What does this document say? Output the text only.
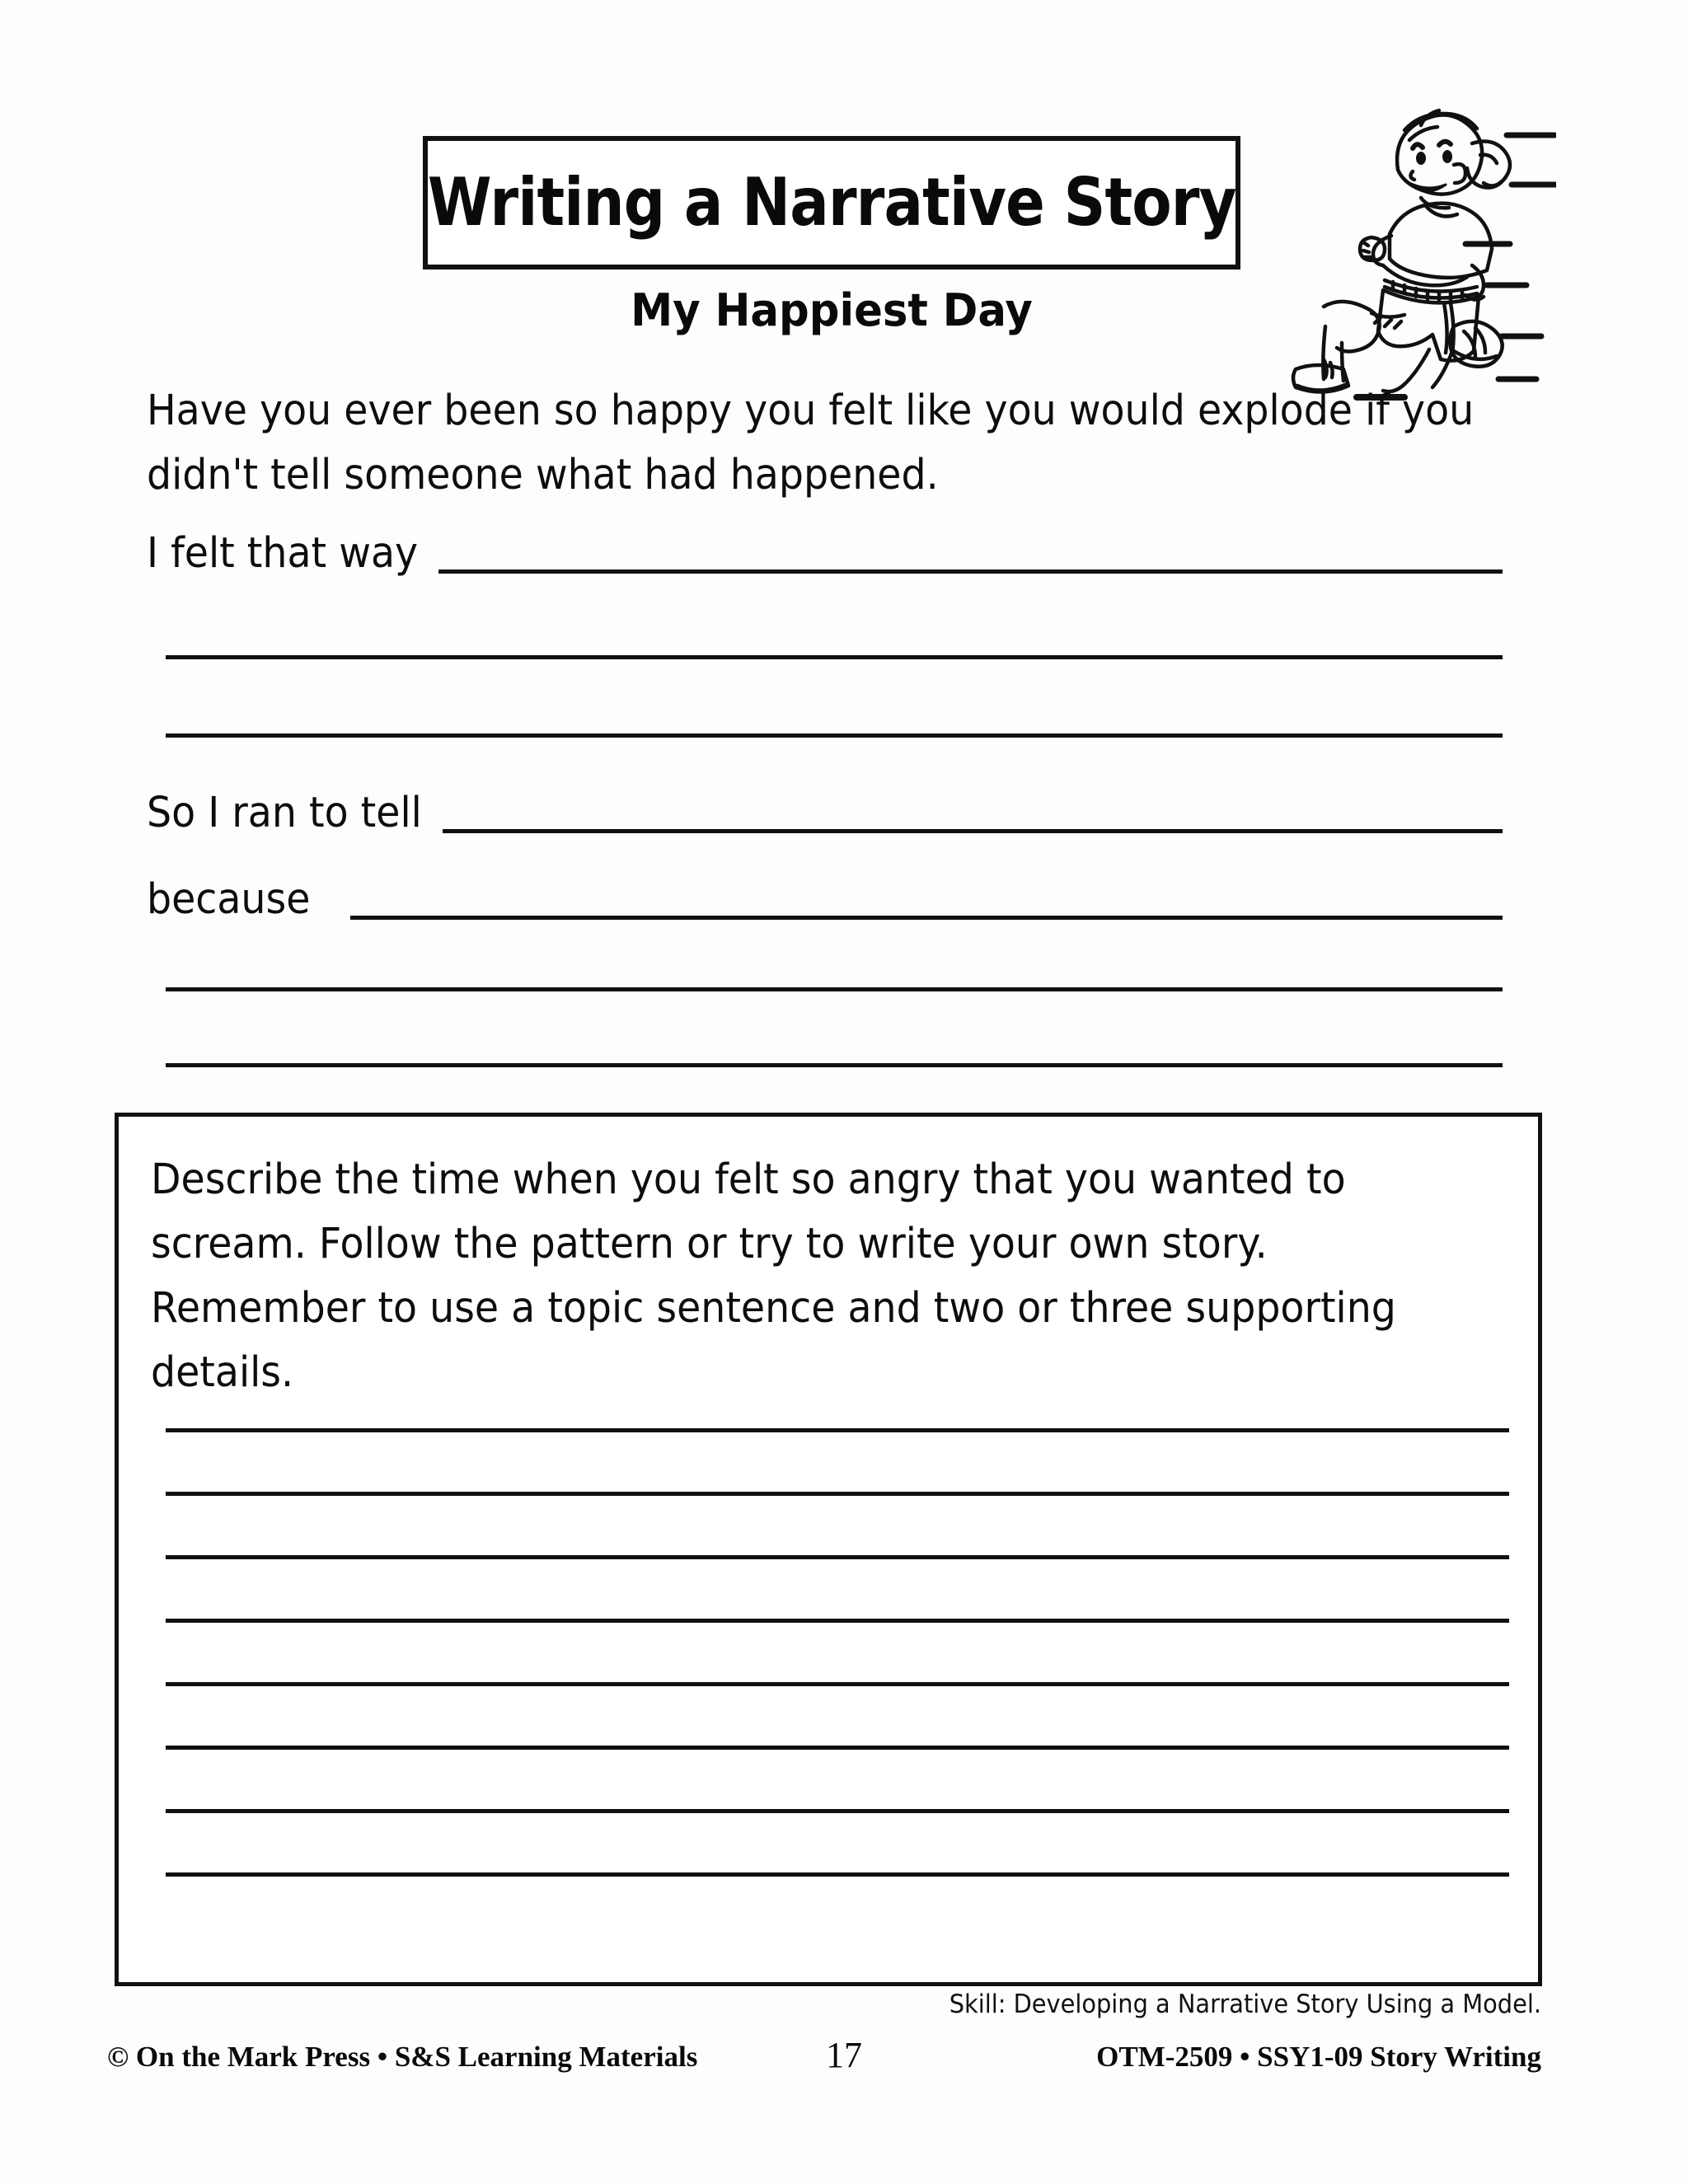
Writing a Narrative Story
My Happiest Day
Have you ever been so happy you felt like you would explode if you didn't tell someone what had happened.
I felt that way
So I ran to tell
because
Describe the time when you felt so angry that you wanted to scream. Follow the pattern or try to write your own story. Remember to use a topic sentence and two or three supporting details.
Skill: Developing a Narrative Story Using a Model.
© On the Mark Press • S&S Learning Materials	17	OTM-2509 • SSY1-09 Story Writing
